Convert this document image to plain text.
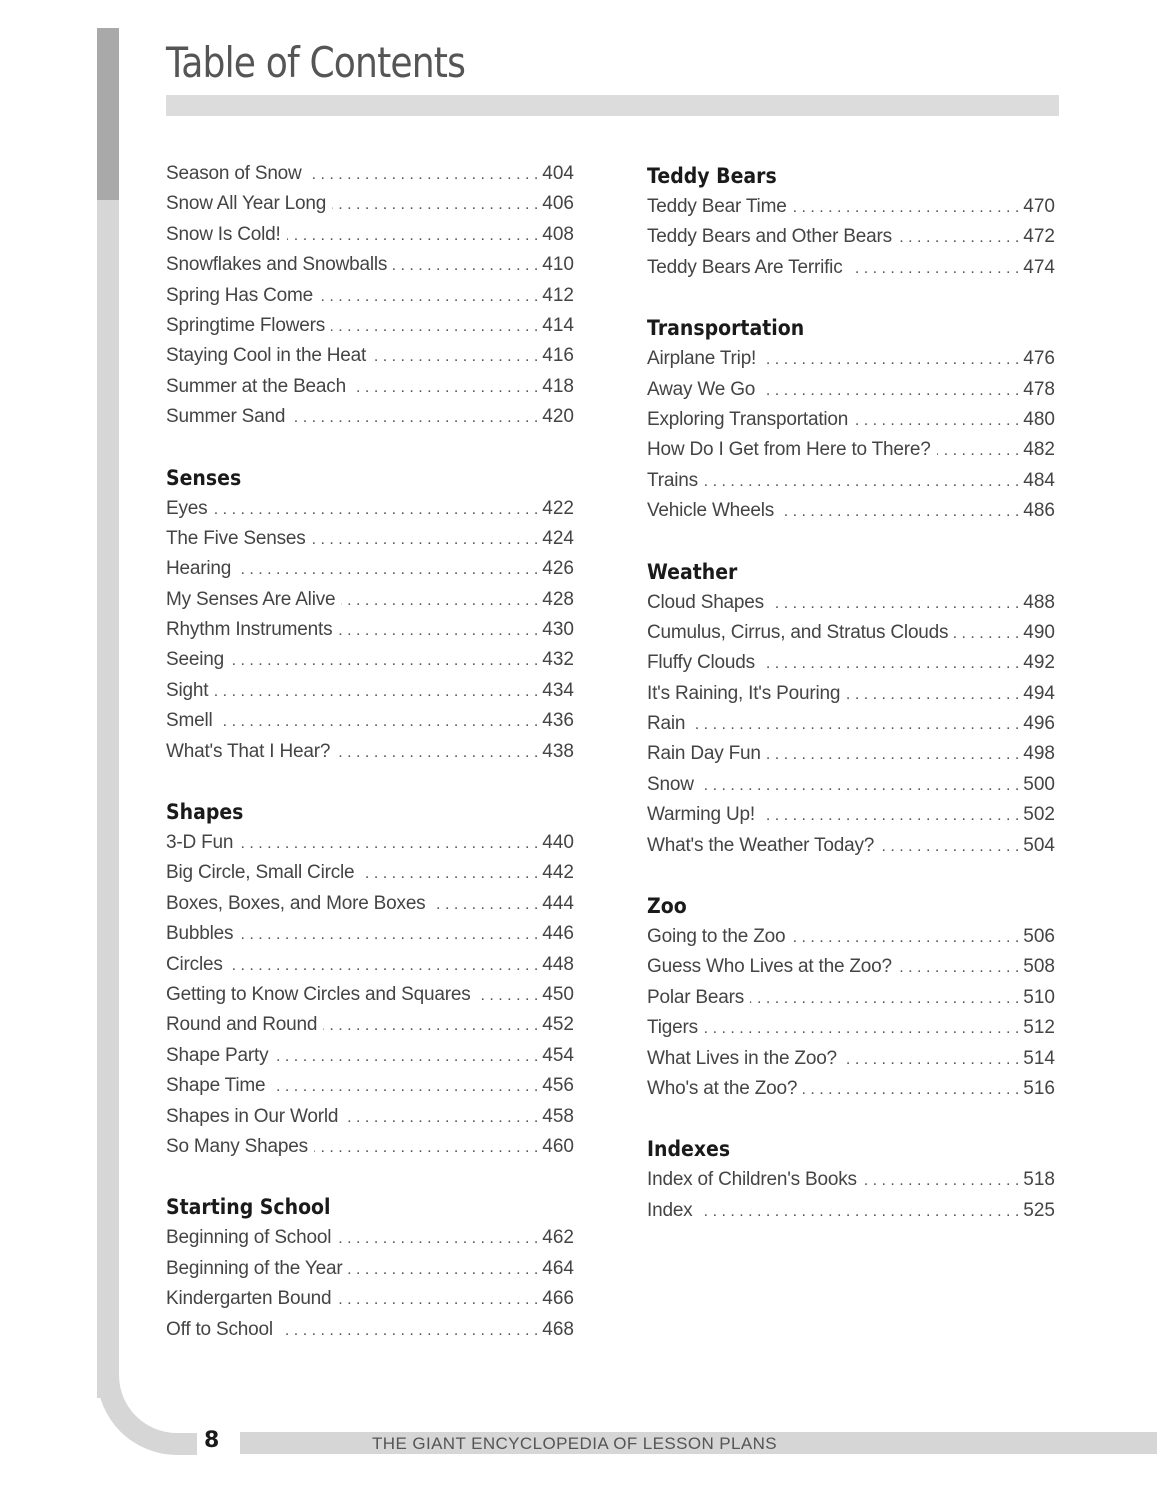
Table of Contents
Season of Snow . . .	404
Snow All Year Long . . .	406
Snow Is Cold! . . .	408
Snowflakes and Snowballs . . .	410
Spring Has Come . . .	412
Springtime Flowers . . .	414
Staying Cool in the Heat . . .	416
Summer at the Beach . . .	418
Summer Sand . . .	420
Senses
Eyes . . .	422
The Five Senses . . .	424
Hearing . . .	426
My Senses Are Alive . . .	428
Rhythm Instruments . . .	430
Seeing . . .	432
Sight . . .	434
Smell . . .	436
What's That I Hear? . . .	438
Shapes
3-D Fun . . .	440
Big Circle, Small Circle . . .	442
Boxes, Boxes, and More Boxes . . .	444
Bubbles . . .	446
Circles . . .	448
Getting to Know Circles and Squares . . .	450
Round and Round . . .	452
Shape Party . . .	454
Shape Time . . .	456
Shapes in Our World . . .	458
So Many Shapes . . .	460
Starting School
Beginning of School . . .	462
Beginning of the Year . . .	464
Kindergarten Bound . . .	466
Off to School . . .	468
Teddy Bears
Teddy Bear Time . . .	470
Teddy Bears and Other Bears . . .	472
Teddy Bears Are Terrific . . .	474
Transportation
Airplane Trip! . . .	476
Away We Go . . .	478
Exploring Transportation . . .	480
How Do I Get from Here to There? . . .	482
Trains . . .	484
Vehicle Wheels . . .	486
Weather
Cloud Shapes . . .	488
Cumulus, Cirrus, and Stratus Clouds . . .	490
Fluffy Clouds . . .	492
It's Raining, It's Pouring . . .	494
Rain . . .	496
Rain Day Fun . . .	498
Snow . . .	500
Warming Up! . . .	502
What's the Weather Today? . . .	504
Zoo
Going to the Zoo . . .	506
Guess Who Lives at the Zoo? . . .	508
Polar Bears . . .	510
Tigers . . .	512
What Lives in the Zoo? . . .	514
Who's at the Zoo? . . .	516
Indexes
Index of Children's Books . . .	518
Index . . .	525
8	THE GIANT ENCYCLOPEDIA OF LESSON PLANS
